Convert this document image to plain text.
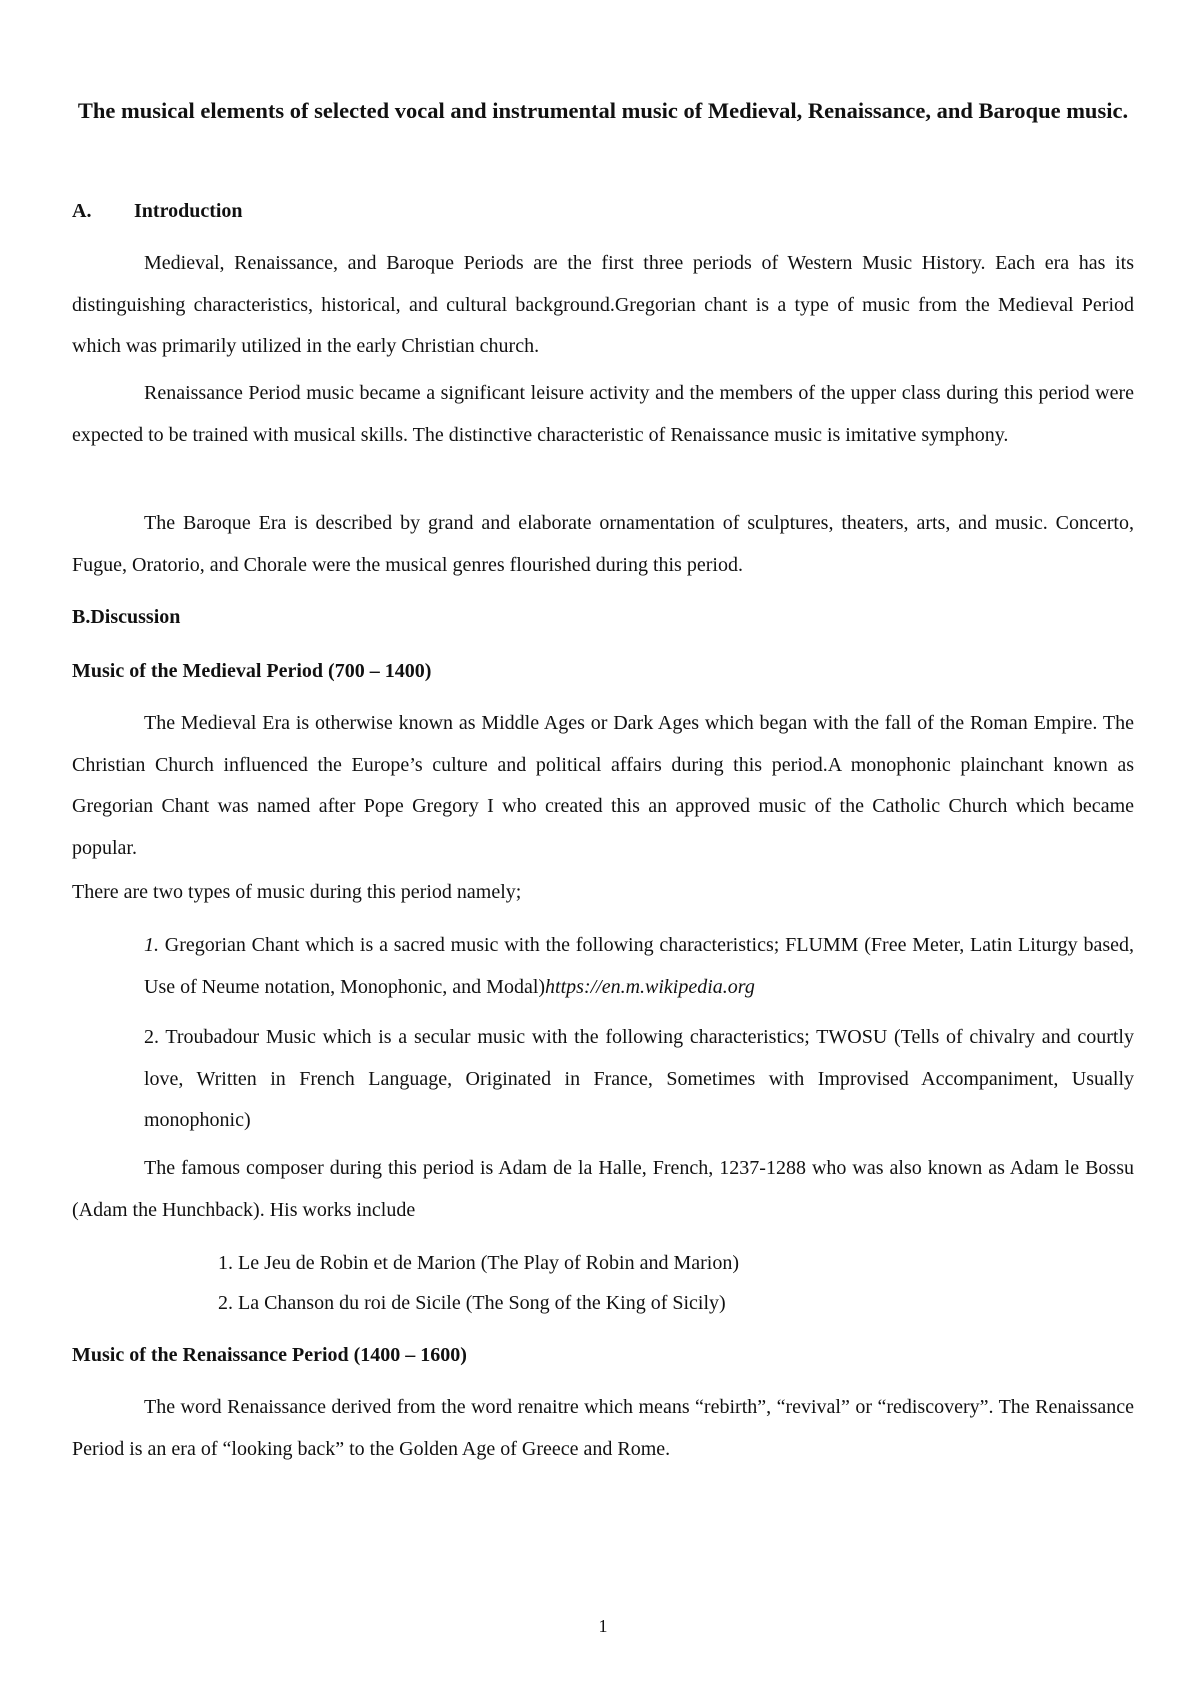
The musical elements of selected vocal and instrumental music of Medieval, Renaissance, and Baroque music.
A. Introduction

Medieval, Renaissance, and Baroque Periods are the first three periods of Western Music History. Each era has its distinguishing characteristics, historical, and cultural background.Gregorian chant is a type of music from the Medieval Period which was primarily utilized in the early Christian church.

Renaissance Period music became a significant leisure activity and the members of the upper class during this period were expected to be trained with musical skills. The distinctive characteristic of Renaissance music is imitative symphony.

The Baroque Era is described by grand and elaborate ornamentation of sculptures, theaters, arts, and music. Concerto, Fugue, Oratorio, and Chorale were the musical genres flourished during this period.

B.Discussion
Music of the Medieval Period (700 – 1400)

The Medieval Era is otherwise known as Middle Ages or Dark Ages which began with the fall of the Roman Empire. The Christian Church influenced the Europe’s culture and political affairs during this period.A monophonic plainchant known as Gregorian Chant was named after Pope Gregory I who created this an approved music of the Catholic Church which became popular.

There are two types of music during this period namely;

1. Gregorian Chant which is a sacred music with the following characteristics; FLUMM (Free Meter, Latin Liturgy based, Use of Neume notation, Monophonic, and Modal)https://en.m.wikipedia.org

2. Troubadour Music which is a secular music with the following characteristics; TWOSU (Tells of chivalry and courtly love, Written in French Language, Originated in France, Sometimes with Improvised Accompaniment, Usually monophonic)

The famous composer during this period is Adam de la Halle, French, 1237-1288 who was also known as Adam le Bossu (Adam the Hunchback). His works include

1. Le Jeu de Robin et de Marion (The Play of Robin and Marion)

2. La Chanson du roi de Sicile (The Song of the King of Sicily)

Music of the Renaissance Period (1400 – 1600)

The word Renaissance derived from the word renaitre which means “rebirth”, “revival” or “rediscovery”. The Renaissance Period is an era of “looking back” to the Golden Age of Greece and Rome.

1
